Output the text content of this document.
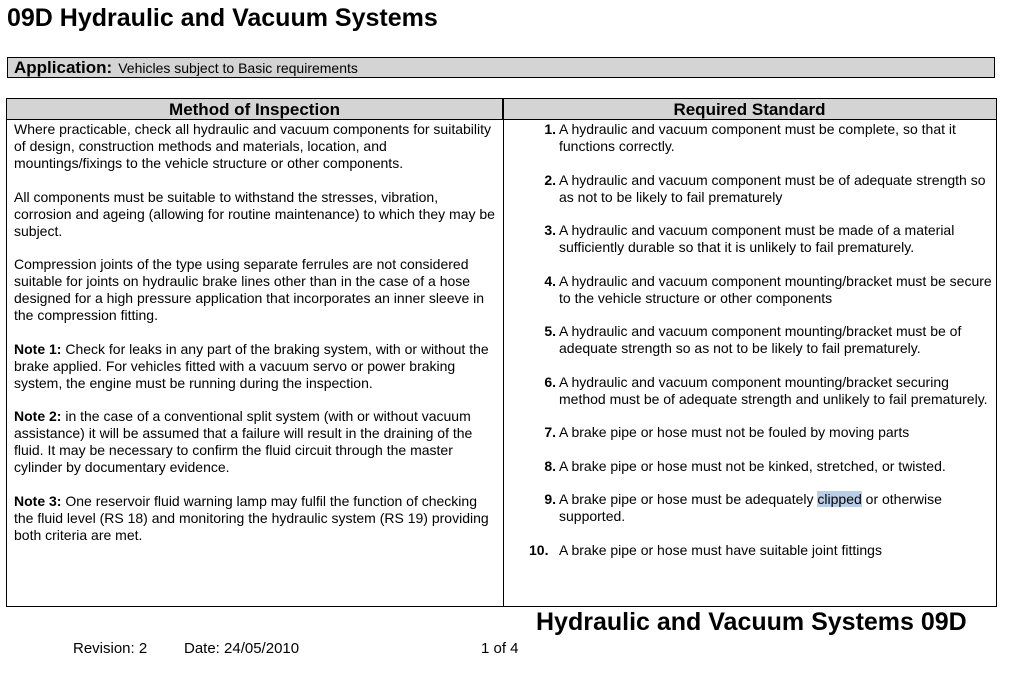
09D Hydraulic and Vacuum Systems
Application: Vehicles subject to Basic requirements
Method of Inspection	Required Standard

Where practicable, check all hydraulic and vacuum components for suitability of design, construction methods and materials, location, and mountings/fixings to the vehicle structure or other components.

All components must be suitable to withstand the stresses, vibration, corrosion and ageing (allowing for routine maintenance) to which they may be subject.

Compression joints of the type using separate ferrules are not considered suitable for joints on hydraulic brake lines other than in the case of a hose designed for a high pressure application that incorporates an inner sleeve in the compression fitting.

Note 1: Check for leaks in any part of the braking system, with or without the brake applied. For vehicles fitted with a vacuum servo or power braking system, the engine must be running during the inspection.

Note 2: in the case of a conventional split system (with or without vacuum assistance) it will be assumed that a failure will result in the draining of the fluid. It may be necessary to confirm the fluid circuit through the master cylinder by documentary evidence.

Note 3: One reservoir fluid warning lamp may fulfil the function of checking the fluid level (RS 18) and monitoring the hydraulic system (RS 19) providing both criteria are met.

1. A hydraulic and vacuum component must be complete, so that it functions correctly.
2. A hydraulic and vacuum component must be of adequate strength so as not to be likely to fail prematurely
3. A hydraulic and vacuum component must be made of a material sufficiently durable so that it is unlikely to fail prematurely.
4. A hydraulic and vacuum component mounting/bracket must be secure to the vehicle structure or other components
5. A hydraulic and vacuum component mounting/bracket must be of adequate strength so as not to be likely to fail prematurely.
6. A hydraulic and vacuum component mounting/bracket securing method must be of adequate strength and unlikely to fail prematurely.
7. A brake pipe or hose must not be fouled by moving parts
8. A brake pipe or hose must not be kinked, stretched, or twisted.
9. A brake pipe or hose must be adequately clipped or otherwise supported.
10. A brake pipe or hose must have suitable joint fittings
Hydraulic and Vacuum Systems 09D
Revision: 2 Date: 24/05/2010	1 of 4
